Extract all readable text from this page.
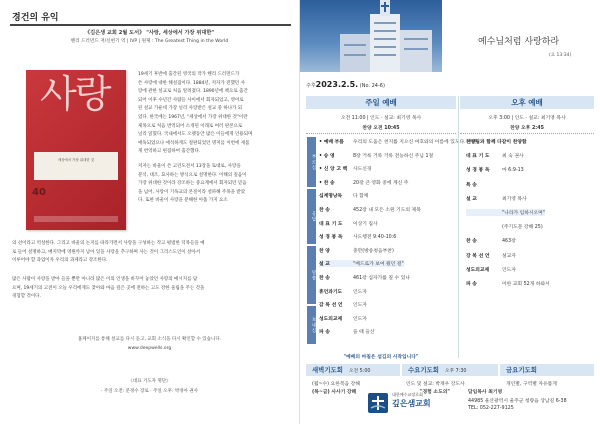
경건의 유익
《김은생 교회 2월 도서》 "사랑, 세상에서 가장 위대한"
헨리 드러먼드 저/신현기 역 | IVP | 원제 : The Greatest Thing in the World
사랑

세상에서 가장 위대한 것

40
19세기 후반에 출간된 영국의 작가 헨리 드러먼드가
쓴 사랑에 대한 해설집이다. 1884년, 저자가 전했던 사
랑에 관한 설교로 처음 알려졌다. 1890년에 책으로 출간
되어 이후 수년간 사람들 사이에서 회자되었고, 영어로
된 설교 가운데 가장 널리 사랑받은 설교 중 하나가 되
었다. 한국에는 1967년, "세상에서 가장 위대한 것"이란
제목으로 처음 번역되어 소개된 이래로 여러 판본으로
널리 읽혔다. 국내에서도 오랫동안 많은 이들에게 인용되며
애독되었으나 애석하게도 절판되었던 명저를 이번에 새롭
게 번역하고 편집하여 출간했다.
저자는 바울이 쓴 고린도전서 13장을 토대로, 사랑을
분석, 대조, 묘사하는 방식으로 설명한다. 이해의 깊음이
가장 위대한 것이라 강조하는 중요계에서 회자되던 믿음
을 넘어, 사랑이 기독교의 본질이라 설파해 주목을 받았
다. 또한 바울이 사랑을 분해한 아홉 가지 요소
의 선이라고 역설한다. 그리고 바울의 논지를 따라가면서 사랑을 구성하는 작고 평범한 덕목들을 예
로 들어 설명하고, 매지막에 영원까지 남아 있을 사랑을 추구하며 사는 것이 그리스도인이 살아서
이루어야 할 과업이자 우리의 과제라고 강조한다.
많은 사람이 사랑을 받아 들을 뿐만 아니라 많은 이의 인생을 바꾸어 놓았던 사랑의 메시지를 담
으며, 19세기의 고전이 오늘 우리에게도 찾아와 마음 깊은 곳에 전하는 고도 강한 울림을 주는 것을
경험할 것이다.
홈페이지를 통해 설교를 다시 듣고, 교회 소식을 다시 확인할 수 있습니다.
www.deepwells.org
《대표 기도자 명단》
· 주일 오전: 문정수 장로 · 주일 오후: 박경아 권사
예수님처럼 사랑하라
(요 13:34)
주후2023.2.5. (No. 24-6)
주일 예배
오전 11:00 | 인도 · 설교: 최기영 목사
찬양 오전 10:45
부르심
응답
말씀
보내심
• 예배 부름 우리의 도움은 천지를 지으신 여호와의 이름에 있도다. 아멘
• 송 영	8장 거룩 거룩 거룩 전능하신 주님 1절
• 신 앙 고 백 사도신경
• 찬 송	20장 큰 영화 중에 계신 주
십계명낭독 다 함께
찬 송	452장 내 모든 소원 기도의 제목
대 표 기 도 이상기 집사
성 경 봉 독 사도행전 9:40-10:6
찬 양	충만(방송청음부찬)
설 교	"베드로가 보여 줬던 걸"
찬 송	461장 십자가를 질 수 있나
휴언과기도 인도자
감 목 선 언 인도자
성도의교제 인도자
파 송	을 때 들산
"예배의 마침은 섬김의 시작입니다"
오후 예배
오후 3:00 | 인도 · 설교: 최기영 목사
찬양 오후 2:45
찬양팀과 함께 다같이 찬양함
대 표 기 도	최 숙 권사
성 경 봉 독	마 6:9-13
특 송
설 교	최기영 목사
"나라가 임하시오며"
(주기도문 강해 25)
찬 송	463장
강 복 선 언	설교자
성도의교제	인도자
파 송	이한 교회 52개 하와서
새벽기도회 오전 5:00
(월~수) 요한복음 강해
(목~금) 사사기 강해
수요기도회 오후 7:30
인도 및 설교: 박재우 강도사
"경험 소도의"
금요기도회
개인별, 구역별 자유롭게
대한예수교장로회
깊은샘교회
담임목사 최기영
44985 울산광역시 울주군 청량읍 상남길 6-38
TEL: 052-227-9125
